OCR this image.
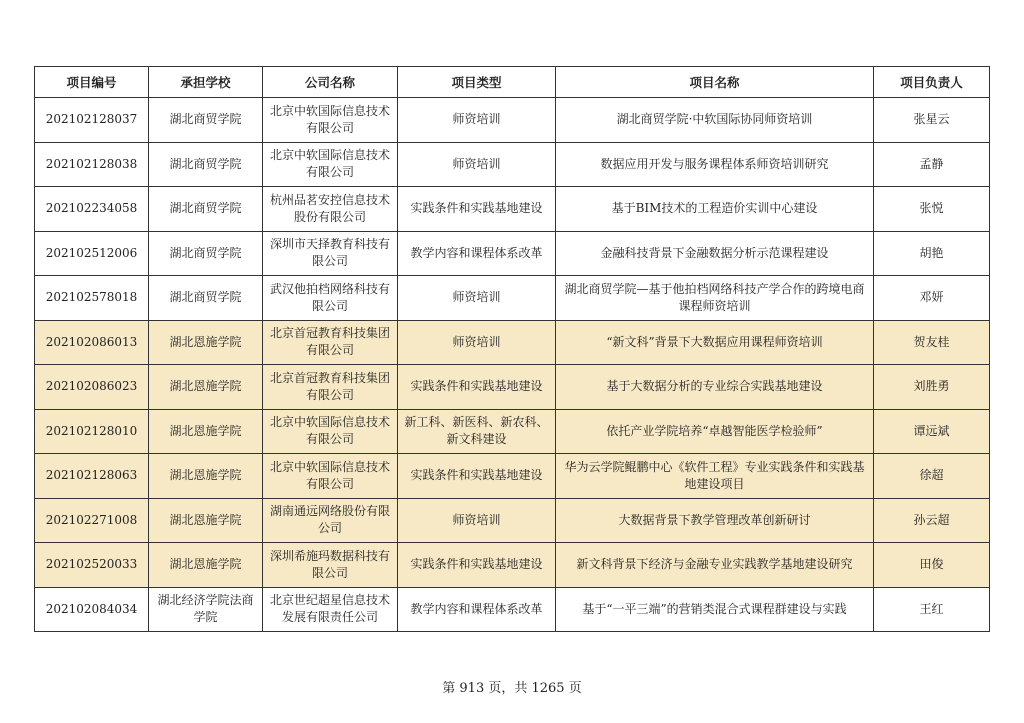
项目编号	承担学校	公司名称	项目类型	项目名称	项目负责人
202102128037	湖北商贸学院	北京中软国际信息技术有限公司	师资培训	湖北商贸学院·中软国际协同师资培训	张星云
202102128038	湖北商贸学院	北京中软国际信息技术有限公司	师资培训	数据应用开发与服务课程体系师资培训研究	孟静
202102234058	湖北商贸学院	杭州品茗安控信息技术股份有限公司	实践条件和实践基地建设	基于BIM技术的工程造价实训中心建设	张悦
202102512006	湖北商贸学院	深圳市天择教育科技有限公司	教学内容和课程体系改革	金融科技背景下金融数据分析示范课程建设	胡艳
202102578018	湖北商贸学院	武汉他拍档网络科技有限公司	师资培训	湖北商贸学院—基于他拍档网络科技产学合作的跨境电商课程师资培训	邓妍
202102086013	湖北恩施学院	北京首冠教育科技集团有限公司	师资培训	“新文科”背景下大数据应用课程师资培训	贺友桂
202102086023	湖北恩施学院	北京首冠教育科技集团有限公司	实践条件和实践基地建设	基于大数据分析的专业综合实践基地建设	刘胜勇
202102128010	湖北恩施学院	北京中软国际信息技术有限公司	新工科、新医科、新农科、新文科建设	依托产业学院培养“卓越智能医学检验师”	谭远斌
202102128063	湖北恩施学院	北京中软国际信息技术有限公司	实践条件和实践基地建设	华为云学院鲲鹏中心《软件工程》专业实践条件和实践基地建设项目	徐超
202102271008	湖北恩施学院	湖南通远网络股份有限公司	师资培训	大数据背景下教学管理改革创新研讨	孙云超
202102520033	湖北恩施学院	深圳希施玛数据科技有限公司	实践条件和实践基地建设	新文科背景下经济与金融专业实践教学基地建设研究	田俊
202102084034	湖北经济学院法商学院	北京世纪超星信息技术发展有限责任公司	教学内容和课程体系改革	基于“一平三端”的营销类混合式课程群建设与实践	王红
第 913 页，共 1265 页
